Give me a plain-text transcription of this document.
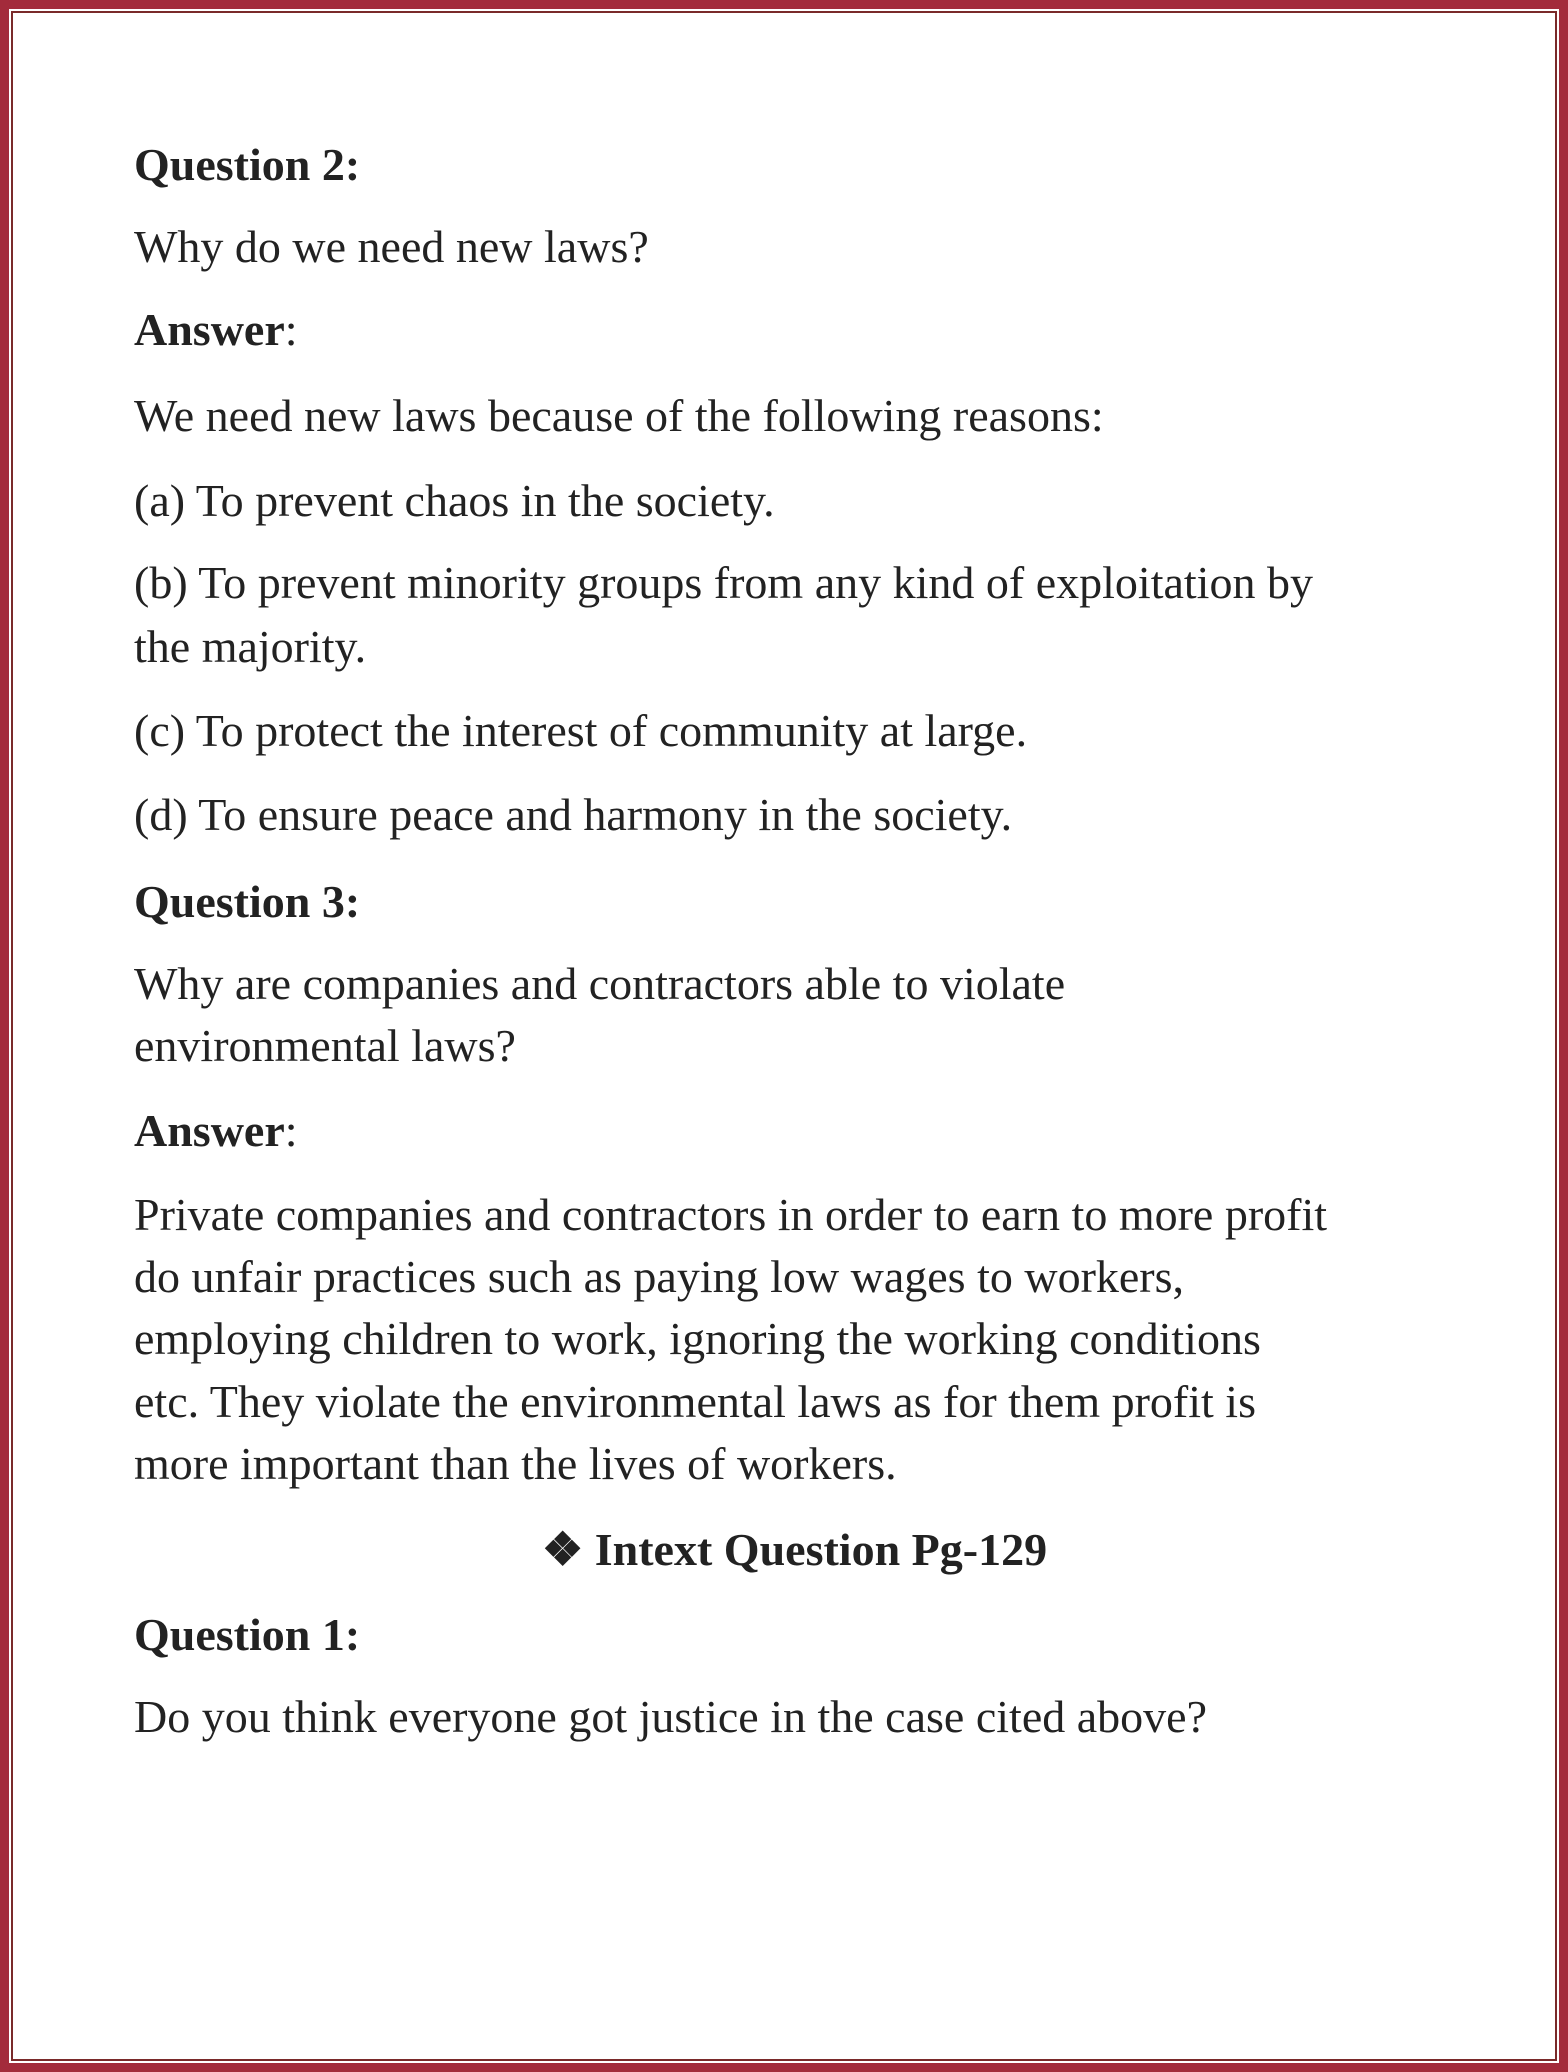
Question 2:
Why do we need new laws?
Answer:
We need new laws because of the following reasons:
(a) To prevent chaos in the society.
(b) To prevent minority groups from any kind of exploitation by
the majority.
(c) To protect the interest of community at large.
(d) To ensure peace and harmony in the society.
Question 3:
Why are companies and contractors able to violate
environmental laws?
Answer:
Private companies and contractors in order to earn to more profit
do unfair practices such as paying low wages to workers,
employing children to work, ignoring the working conditions
etc. They violate the environmental laws as for them profit is
more important than the lives of workers.
❖ Intext Question Pg-129
Question 1:
Do you think everyone got justice in the case cited above?
